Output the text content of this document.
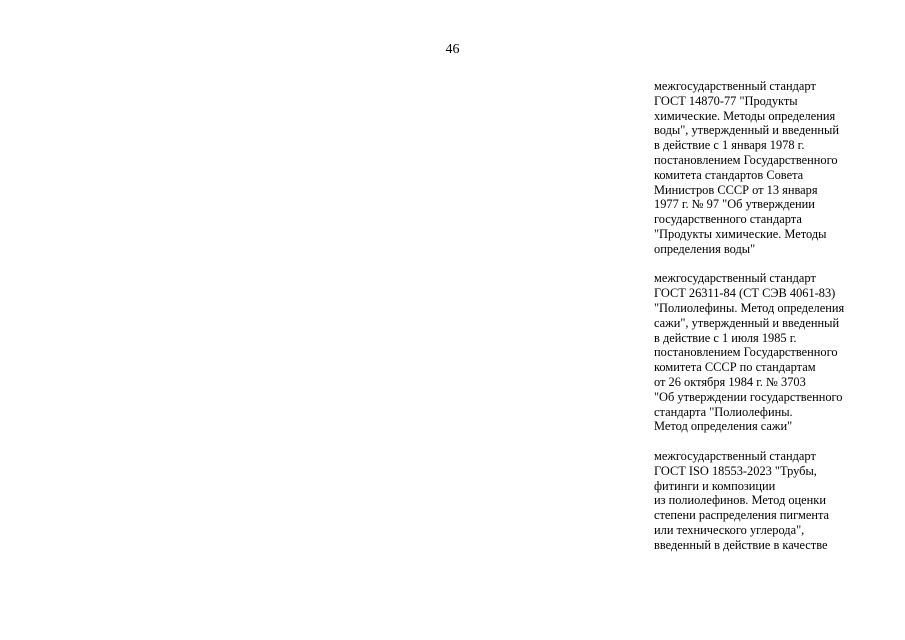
46
межгосударственный стандарт
ГОСТ 14870-77 "Продукты
химические. Методы определения
воды", утвержденный и введенный
в действие с 1 января 1978 г.
постановлением Государственного
комитета стандартов Совета
Министров СССР от 13 января
1977 г. № 97 "Об утверждении
государственного стандарта
"Продукты химические. Методы
определения воды"
межгосударственный стандарт
ГОСТ 26311-84 (СТ СЭВ 4061-83)
"Полиолефины. Метод определения
сажи", утвержденный и введенный
в действие с 1 июля 1985 г.
постановлением Государственного
комитета СССР по стандартам
от 26 октября 1984 г. № 3703
"Об утверждении государственного
стандарта "Полиолефины.
Метод определения сажи"
межгосударственный стандарт
ГОСТ ISO 18553-2023 "Трубы,
фитинги и композиции
из полиолефинов. Метод оценки
степени распределения пигмента
или технического углерода",
введенный в действие в качестве
